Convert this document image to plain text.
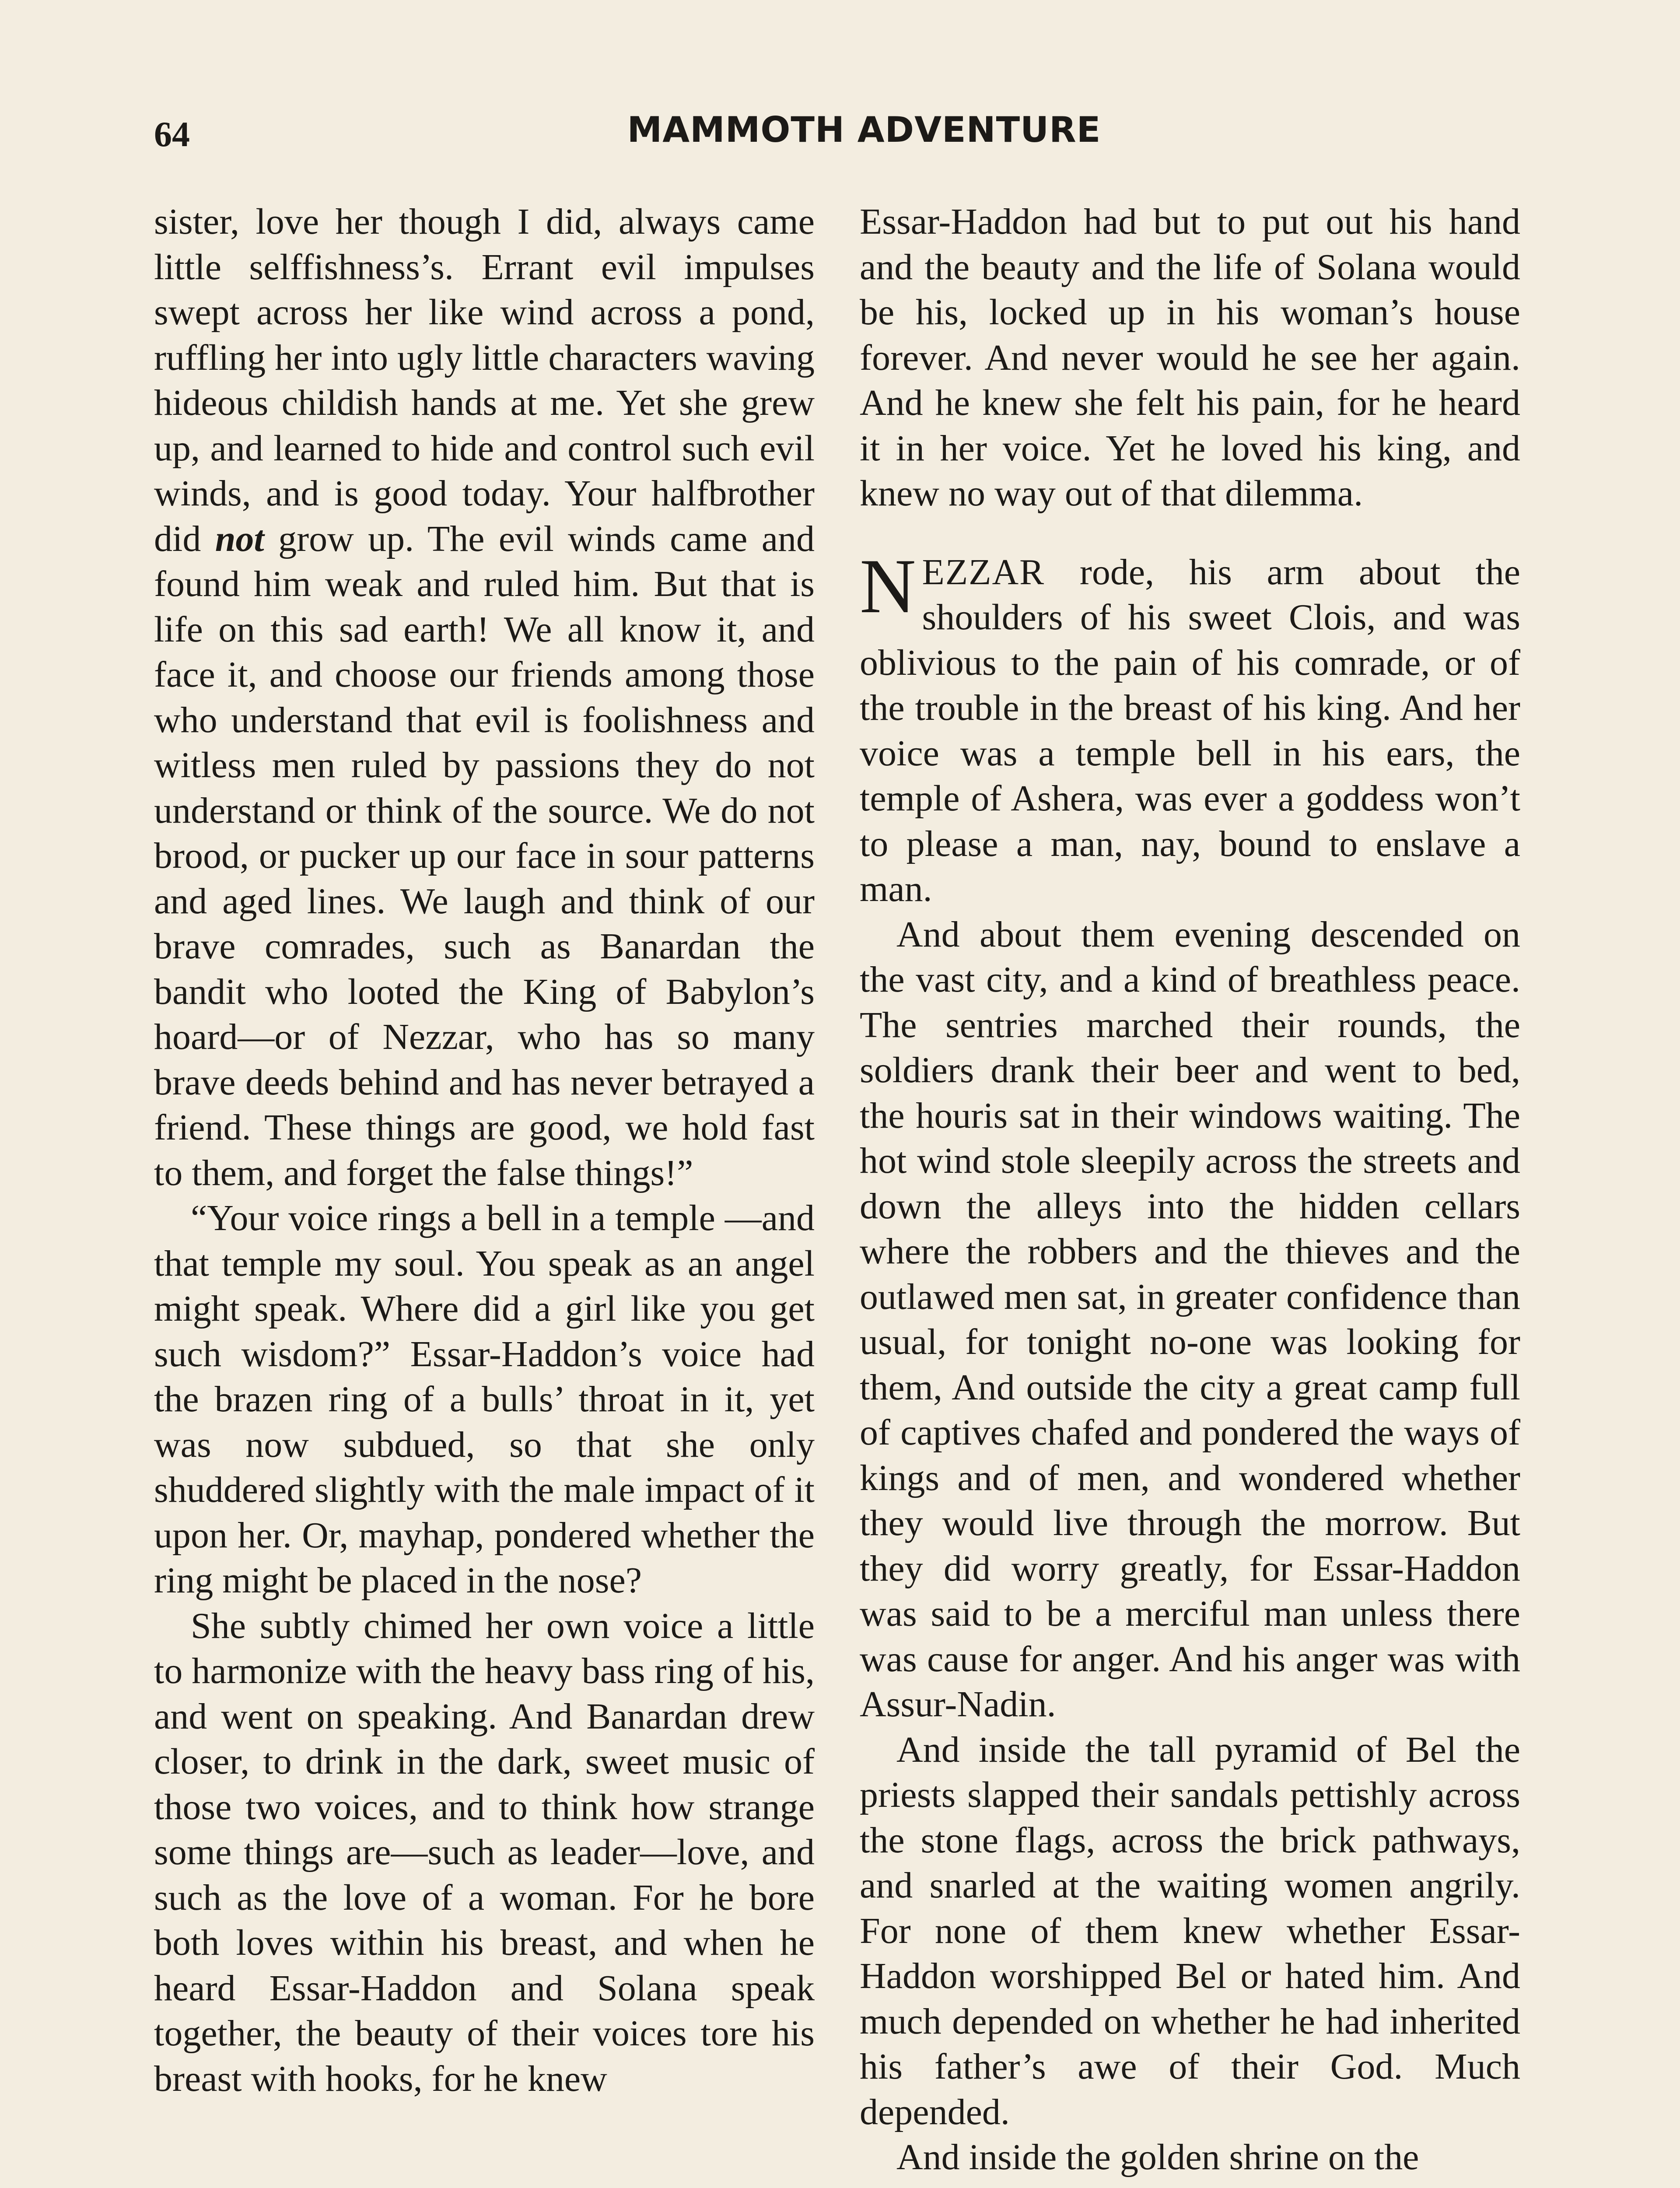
64	MAMMOTH ADVENTURE

sister, love her though I did, always came little selffishness’s. Errant evil impulses swept across her like wind across a pond, ruffling her into ugly little characters waving hideous childish hands at me. Yet she grew up, and learned to hide and control such evil winds, and is good today. Your halfbrother did not grow up. The evil winds came and found him weak and ruled him. But that is life on this sad earth! We all know it, and face it, and choose our friends among those who understand that evil is foolishness and witless men ruled by passions they do not understand or think of the source. We do not brood, or pucker up our face in sour patterns and aged lines. We laugh and think of our brave comrades, such as Banardan the bandit who looted the King of Babylon’s hoard—or of Nezzar, who has so many brave deeds behind and has never betrayed a friend. These things are good, we hold fast to them, and forget the false things!”

“Your voice rings a bell in a temple —and that temple my soul. You speak as an angel might speak. Where did a girl like you get such wisdom?” Essar-Haddon’s voice had the brazen ring of a bulls’ throat in it, yet was now subdued, so that she only shuddered slightly with the male impact of it upon her. Or, mayhap, pondered whether the ring might be placed in the nose?

She subtly chimed her own voice a little to harmonize with the heavy bass ring of his, and went on speaking. And Banardan drew closer, to drink in the dark, sweet music of those two voices, and to think how strange some things are—such as leader—love, and such as the love of a woman. For he bore both loves within his breast, and when he heard Essar-Haddon and Solana speak together, the beauty of their voices tore his breast with hooks, for he knew

Essar-Haddon had but to put out his hand and the beauty and the life of Solana would be his, locked up in his woman’s house forever. And never would he see her again. And he knew she felt his pain, for he heard it in her voice. Yet he loved his king, and knew no way out of that dilemma.

NEZZAR rode, his arm about the shoulders of his sweet Clois, and was oblivious to the pain of his comrade, or of the trouble in the breast of his king. And her voice was a temple bell in his ears, the temple of Ashera, was ever a goddess won’t to please a man, nay, bound to enslave a man.

And about them evening descended on the vast city, and a kind of breathless peace. The sentries marched their rounds, the soldiers drank their beer and went to bed, the houris sat in their windows waiting. The hot wind stole sleepily across the streets and down the alleys into the hidden cellars where the robbers and the thieves and the outlawed men sat, in greater confidence than usual, for tonight no-one was looking for them, And outside the city a great camp full of captives chafed and pondered the ways of kings and of men, and wondered whether they would live through the morrow. But they did worry greatly, for Essar-Haddon was said to be a merciful man unless there was cause for anger. And his anger was with Assur-Nadin.

And inside the tall pyramid of Bel the priests slapped their sandals pettishly across the stone flags, across the brick pathways, and snarled at the waiting women angrily. For none of them knew whether Essar-Haddon worshipped Bel or hated him. And much depended on whether he had inherited his father’s awe of their God. Much depended.

And inside the golden shrine on the
